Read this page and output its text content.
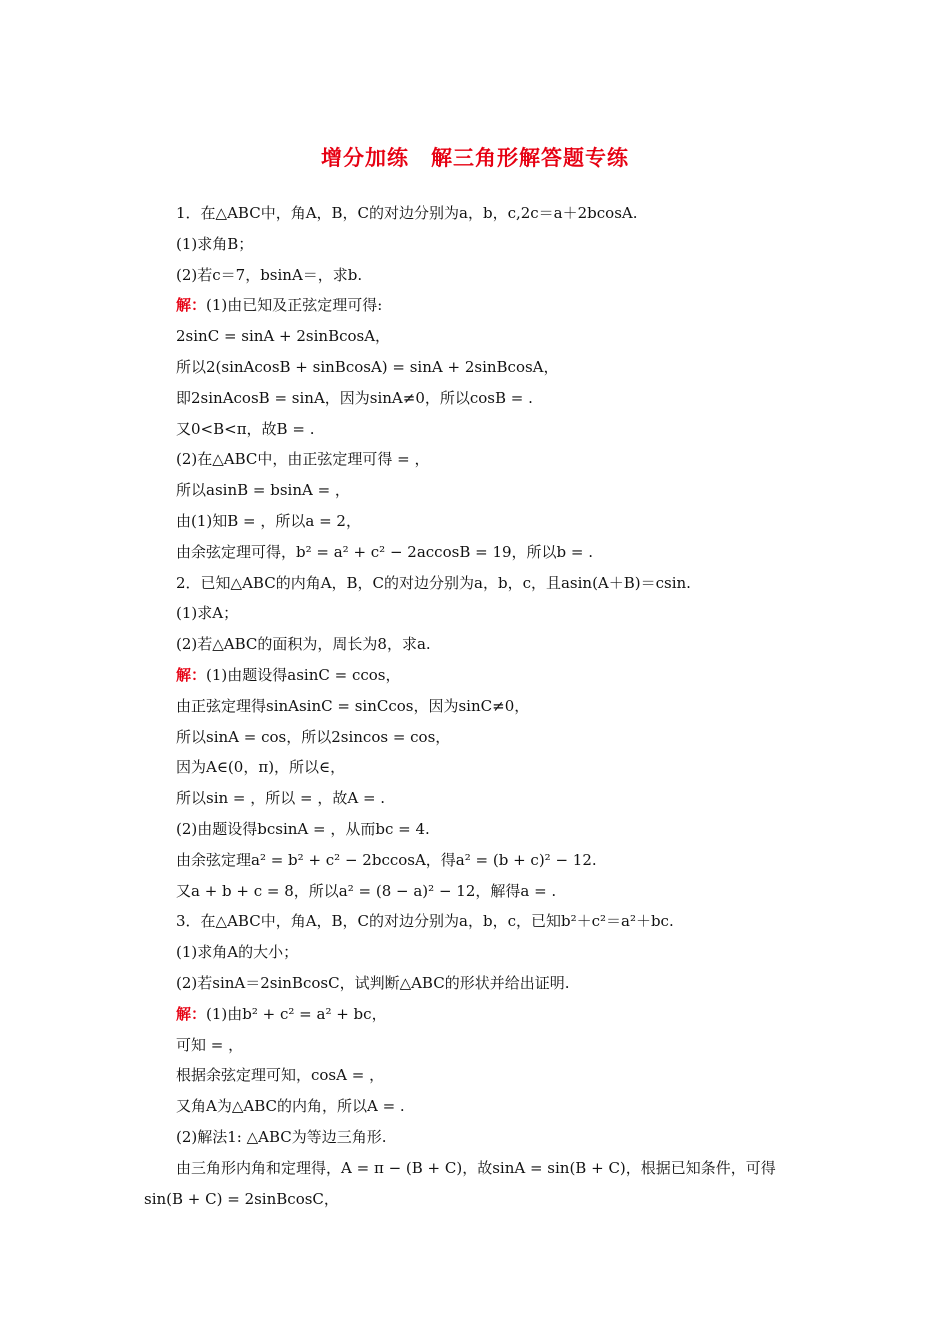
增分加练　解三角形解答题专练
1．在△ABC中，角A，B，C的对边分别为a，b，c,2c＝a＋2bcosA.
(1)求角B；
(2)若c＝7，bsinA＝，求b.
解：(1)由已知及正弦定理可得:
2sinC = sinA + 2sinBcosA，
所以2(sinAcosB + sinBcosA) = sinA + 2sinBcosA，
即2sinAcosB = sinA，因为sinA≠0，所以cosB = .
又0<B<π，故B = .
(2)在△ABC中，由正弦定理可得 = ，
所以asinB = bsinA = ，
由(1)知B = ，所以a = 2，
由余弦定理可得，b² = a² + c² − 2accosB = 19，所以b = .
2．已知△ABC的内角A，B，C的对边分别为a，b，c，且asin(A＋B)＝csin.
(1)求A；
(2)若△ABC的面积为，周长为8，求a.
解：(1)由题设得asinC = ccos，
由正弦定理得sinAsinC = sinCcos，因为sinC≠0，
所以sinA = cos，所以2sincos = cos，
因为A∈(0，π)，所以∈，
所以sin = ，所以 = ，故A = .
(2)由题设得bcsinA = ，从而bc = 4.
由余弦定理a² = b² + c² − 2bccosA，得a² = (b + c)² − 12.
又a + b + c = 8，所以a² = (8 − a)² − 12，解得a = .
3．在△ABC中，角A，B，C的对边分别为a，b，c，已知b²＋c²＝a²＋bc.
(1)求角A的大小；
(2)若sinA＝2sinBcosC，试判断△ABC的形状并给出证明.
解：(1)由b² + c² = a² + bc，
可知 = ，
根据余弦定理可知，cosA = ，
又角A为△ABC的内角，所以A = .
(2)解法1: △ABC为等边三角形.
由三角形内角和定理得，A = π − (B + C)，故sinA = sin(B + C)，根据已知条件，可得
sin(B + C) = 2sinBcosC，
